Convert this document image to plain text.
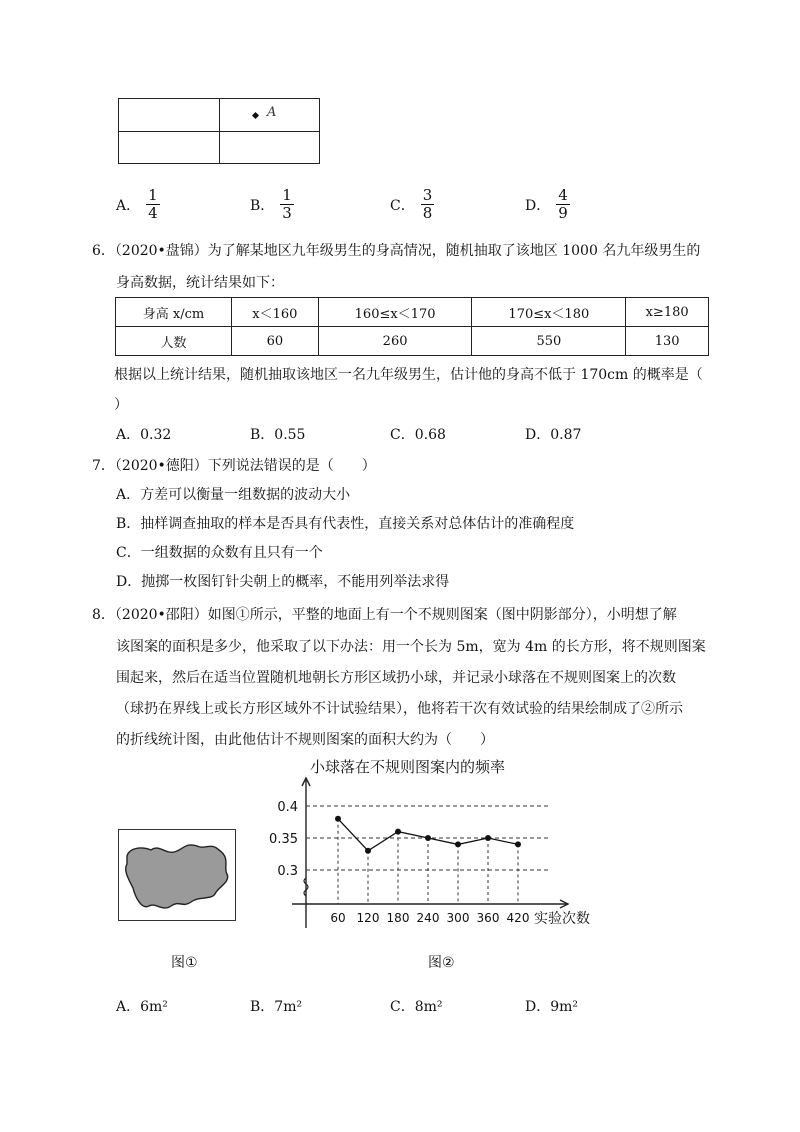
A
A． $\frac{1}{4}$	B． $\frac{1}{3}$	C． $\frac{3}{8}$	D． $\frac{4}{9}$
6．（2020•盘锦）为了解某地区九年级男生的身高情况，随机抽取了该地区 1000 名九年级男生的
身高数据，统计结果如下：
身高 x/cm	x＜160	160≤x＜170	170≤x＜180	x≥180
人数	60	260	550	130
根据以上统计结果，随机抽取该地区一名九年级男生，估计他的身高不低于 170cm 的概率是（
）
A．0.32	B．0.55	C．0.68	D．0.87
7．（2020•德阳）下列说法错误的是（　　）
A．方差可以衡量一组数据的波动大小
B．抽样调查抽取的样本是否具有代表性，直接关系对总体估计的准确程度
C．一组数据的众数有且只有一个
D．抛掷一枚图钉针尖朝上的概率，不能用列举法求得
8．（2020•邵阳）如图①所示，平整的地面上有一个不规则图案（图中阴影部分），小明想了解
该图案的面积是多少，他采取了以下办法：用一个长为 5m，宽为 4m 的长方形，将不规则图案
围起来，然后在适当位置随机地朝长方形区域扔小球，并记录小球落在不规则图案上的次数
（球扔在界线上或长方形区域外不计试验结果），他将若干次有效试验的结果绘制成了②所示
的折线统计图，由此他估计不规则图案的面积大约为（　　）
图①
小球落在不规则图案内的频率
0.4
0.35
0.3
60 120 180 240 300 360 420 实验次数
图②
A．6m²	B．7m²	C．8m²	D．9m²
